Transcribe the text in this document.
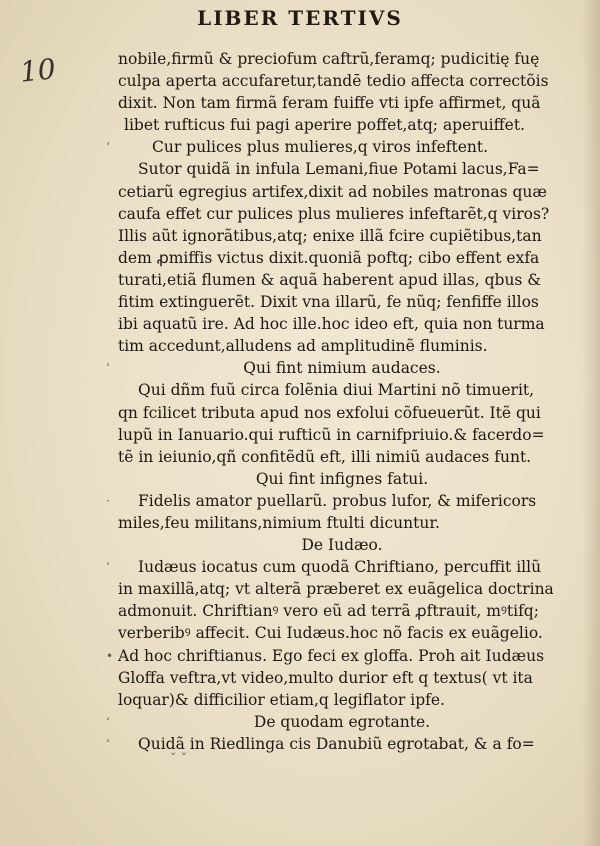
LIBER TERTIVS
10	nobile,firmũ & preciofum caftrũ,feramq; pudicitię fuę
culpa aperta accufaretur,tandē tedio affecta correctõis
dixit. Non tam firmã feram fuiffe vti ipfe affirmet, quã
libet rufticus fui pagi aperire poffet,atq; aperuiffet.
ʻ	Cur pulices plus mulieres,q viros infeftent.
Sutor quidã in infula Lemani,fiue Potami lacus,Fa=
cetiarũ egregius artifex,dixit ad nobiles matronas quæ
caufa effet cur pulices plus mulieres infeftarẽt,q viros?
Illis aũt ignorãtibus,atq; enixe illã fcire cupiẽtibus,tan
dem ꝓmiffis victus dixit.quoniã poftq; cibo effent exfa
turati,etiã flumen & aquã haberent apud illas, qbus &
fitim extinguerẽt. Dixit vna illarũ, fe nũq; fenfiffe illos
ibi aquatũ ire. Ad hoc ille.hoc ideo eft, quia non turma
tim accedunt,alludens ad amplitudinẽ fluminis.
ʻ	Qui fint nimium audaces.
Qui dñm fuũ circa folẽnia diui Martini nõ timuerit,
qn fcilicet tributa apud nos exfolui cõfueuerũt. Itẽ qui
lupũ in Ianuario.qui rufticũ in carnifpriuio.& facerdo=
tẽ in ieiunio,qñ confitẽdũ eft, illi nimiũ audaces funt.
Qui fint infignes fatui.
· Fidelis amator puellarũ. probus lufor, & mifericors
miles,feu militans,nimium ftulti dicuntur.
De Iudæo.
ʻ Iudæus iocatus cum quodã Chriftiano, percuffit illũ
in maxillã,atq; vt alterã præberet ex euãgelica doctrina
admonuit. Chriftianꝰ vero eũ ad terrã ꝓftrauit, mꝰtifq;
verberibꝰ affecit. Cui Iudæus.hoc nõ facis ex euãgelio.
• Ad hoc chriftianus. Ego feci ex gloffa. Proh ait Iudæus
Gloffa veftra,vt video,multo durior eft q textus( vt ita
loquar)& difficilior etiam,q legiflator ipfe.
ʻ	De quodam egrotante.
ʻ Quidã in Riedlinga cis Danubiũ egrotabat, & a fo=
ˇ ˇ
